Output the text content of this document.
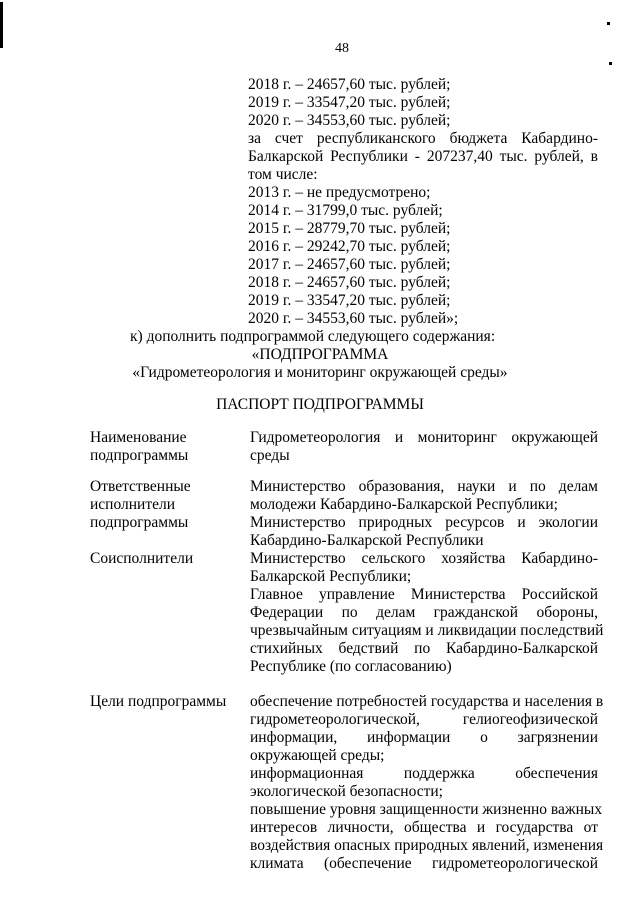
48
2018 г. – 24657,60 тыс. рублей;
2019 г. – 33547,20 тыс. рублей;
2020 г. – 34553,60 тыс. рублей;
за счет республиканского бюджета Кабардино-
Балкарской Республики - 207237,40 тыс. рублей, в
том числе:
2013 г. – не предусмотрено;
2014 г. – 31799,0 тыс. рублей;
2015 г. – 28779,70 тыс. рублей;
2016 г. – 29242,70 тыс. рублей;
2017 г. – 24657,60 тыс. рублей;
2018 г. – 24657,60 тыс. рублей;
2019 г. – 33547,20 тыс. рублей;
2020 г. – 34553,60 тыс. рублей»;
к) дополнить подпрограммой следующего содержания:
«ПОДПРОГРАММА
«Гидрометеорология и мониторинг окружающей среды»
ПАСПОРТ ПОДПРОГРАММЫ
Наименование
подпрограммы
Гидрометеорология и мониторинг окружающей
среды
Ответственные
исполнители
подпрограммы
Министерство образования, науки и по делам
молодежи Кабардино-Балкарской Республики;
Министерство природных ресурсов и экологии
Кабардино-Балкарской Республики
Соисполнители	Министерство сельского хозяйства Кабардино-
Балкарской Республики;
Главное управление Министерства Российской
Федерации по делам гражданской обороны,
чрезвычайным ситуациям и ликвидации последствий
стихийных бедствий по Кабардино-Балкарской
Республике (по согласованию)
Цели подпрограммы обеспечение потребностей государства и населения в
гидрометеорологической, гелиогеофизической
информации, информации о загрязнении
окружающей среды;
информационная поддержка обеспечения
экологической безопасности;
повышение уровня защищенности жизненно важных
интересов личности, общества и государства от
воздействия опасных природных явлений, изменения
климата (обеспечение гидрометеорологической
